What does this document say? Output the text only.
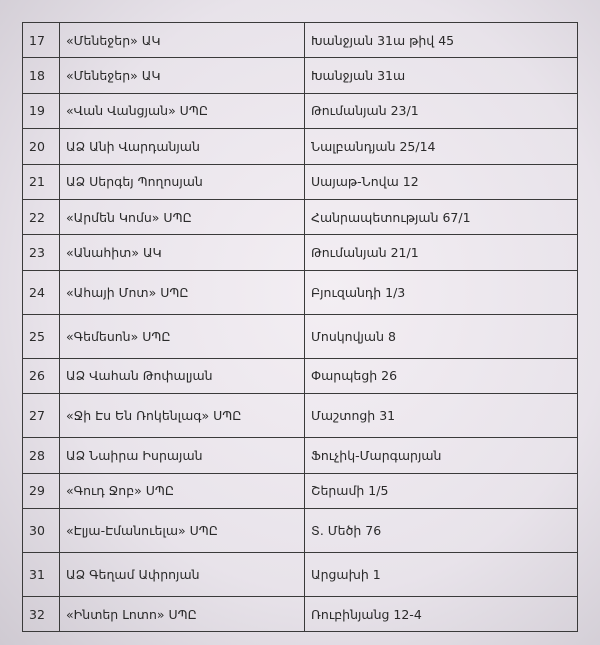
17	«Մենեջեր» ԱԿ	Խանջյան 31ա թիվ 45
18	«Մենեջեր» ԱԿ	Խանջյան 31ա
19	«Վան Վանցյան» ՍՊԸ	Թումանյան 23/1
20	ԱՁ Անի Վարդանյան	Նալբանդյան 25/14
21	ԱՁ Սերգեյ Պողոսյան	Սայաթ-Նովա 12
22	«Արմեն Կոմս» ՍՊԸ	Հանրապետության 67/1
23	«Անահիտ» ԱԿ	Թումանյան 21/1
24	«Ահայի Մոտ» ՍՊԸ	Բյուզանդի 1/3
25	«Գեմեսոն» ՍՊԸ	Մոսկովյան 8
26	ԱՁ Վահան Թոփալյան	Փարպեցի 26
27	«Ջի Էս Են Ռոկենլագ» ՍՊԸ	Մաշտոցի 31
28	ԱՁ Նաիրա Իսրայան	Ֆուչիկ-Մարգարյան
29	«Գուդ Ջոբ» ՍՊԸ	Շերամի 1/5
30	«Էլյա-Էմանուելա» ՍՊԸ	Տ. Մեծի 76
31	ԱՁ Գեղամ Ափրոյան	Արցախի 1
32	«Ինտեր Լոտո» ՍՊԸ	Ռուբինյանց 12-4
